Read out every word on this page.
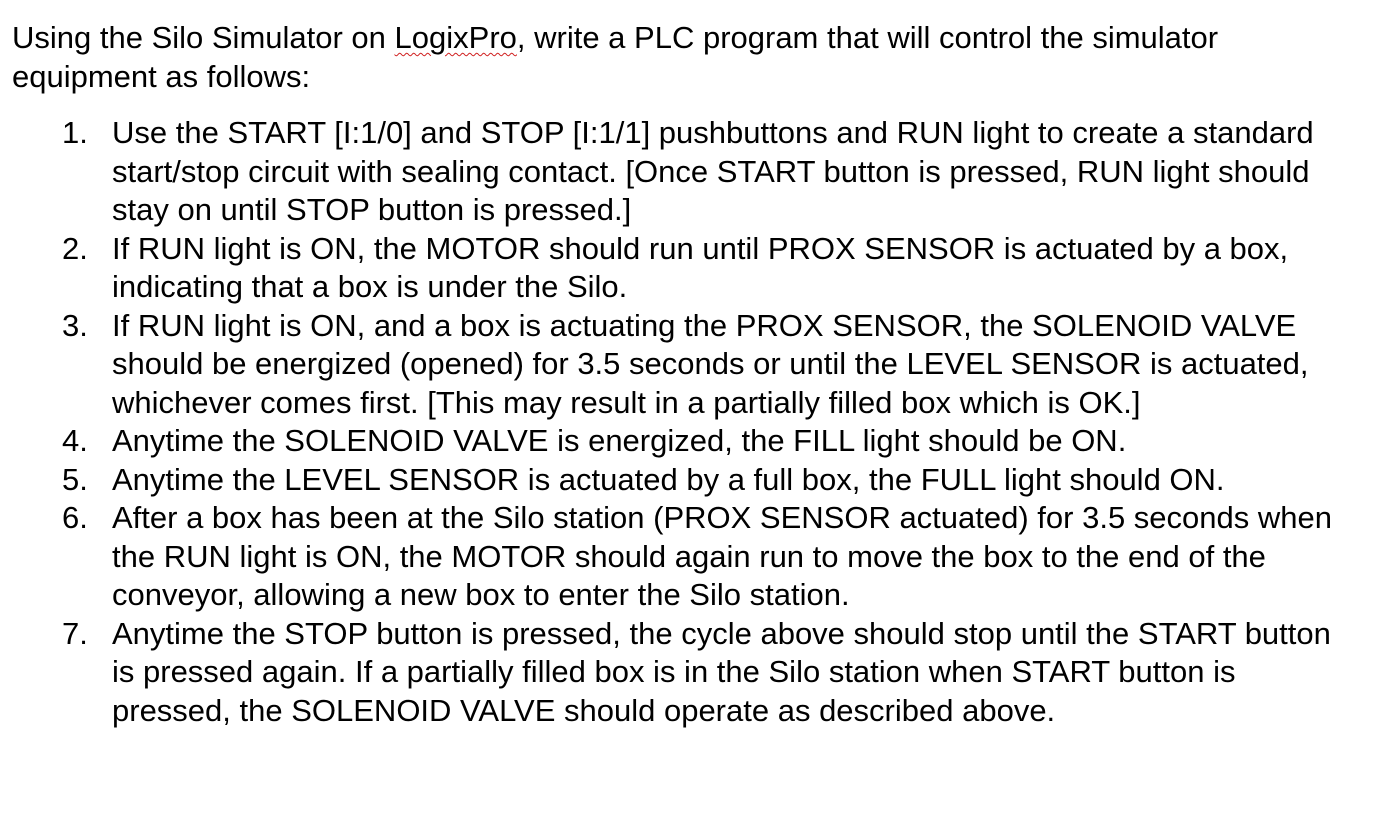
Using the Silo Simulator on LogixPro, write a PLC program that will control the simulator equipment as follows:

1. Use the START [I:1/0] and STOP [I:1/1] pushbuttons and RUN light to create a standard start/stop circuit with sealing contact. [Once START button is pressed, RUN light should stay on until STOP button is pressed.]
2. If RUN light is ON, the MOTOR should run until PROX SENSOR is actuated by a box, indicating that a box is under the Silo.
3. If RUN light is ON, and a box is actuating the PROX SENSOR, the SOLENOID VALVE should be energized (opened) for 3.5 seconds or until the LEVEL SENSOR is actuated, whichever comes first. [This may result in a partially filled box which is OK.]
4. Anytime the SOLENOID VALVE is energized, the FILL light should be ON.
5. Anytime the LEVEL SENSOR is actuated by a full box, the FULL light should ON.
6. After a box has been at the Silo station (PROX SENSOR actuated) for 3.5 seconds when the RUN light is ON, the MOTOR should again run to move the box to the end of the conveyor, allowing a new box to enter the Silo station.
7. Anytime the STOP button is pressed, the cycle above should stop until the START button is pressed again. If a partially filled box is in the Silo station when START button is pressed, the SOLENOID VALVE should operate as described above.
